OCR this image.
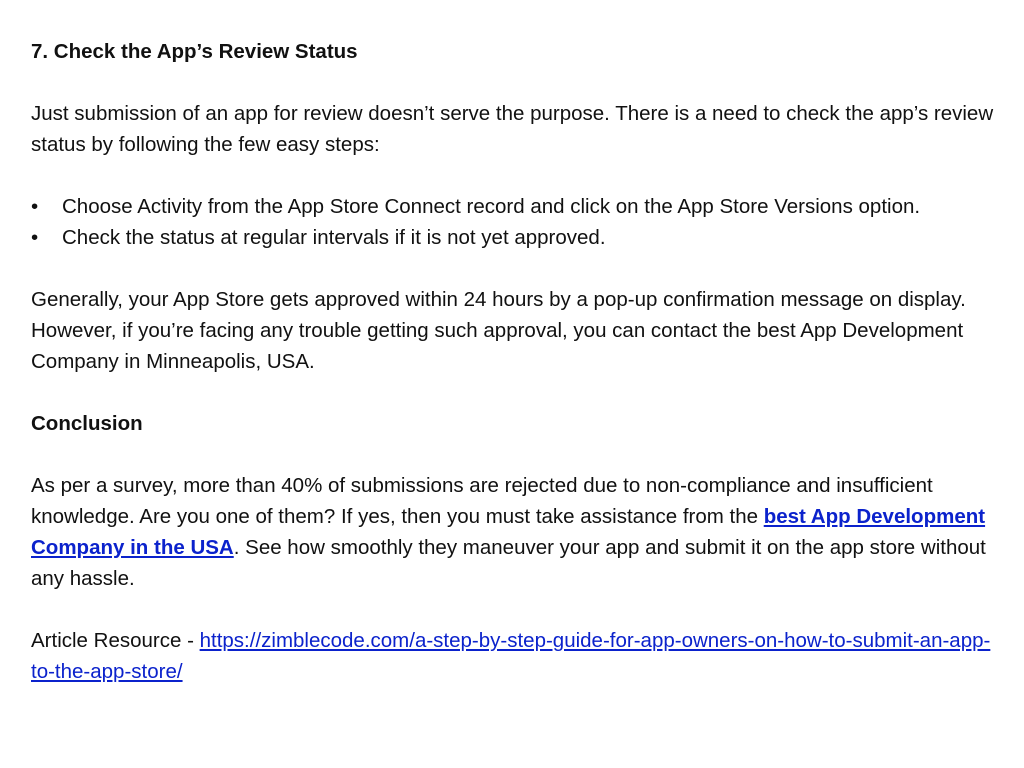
7. Check the App’s Review Status

Just submission of an app for review doesn’t serve the purpose. There is a need to check the app’s review status by following the few easy steps:

• Choose Activity from the App Store Connect record and click on the App Store Versions option.
• Check the status at regular intervals if it is not yet approved.

Generally, your App Store gets approved within 24 hours by a pop-up confirmation message on display. However, if you’re facing any trouble getting such approval, you can contact the best App Development Company in Minneapolis, USA.

Conclusion

As per a survey, more than 40% of submissions are rejected due to non-compliance and insufficient knowledge. Are you one of them? If yes, then you must take assistance from the best App Development Company in the USA. See how smoothly they maneuver your app and submit it on the app store without any hassle.

Article Resource - https://zimblecode.com/a-step-by-step-guide-for-app-owners-on-how-to-submit-an-app-to-the-app-store/
